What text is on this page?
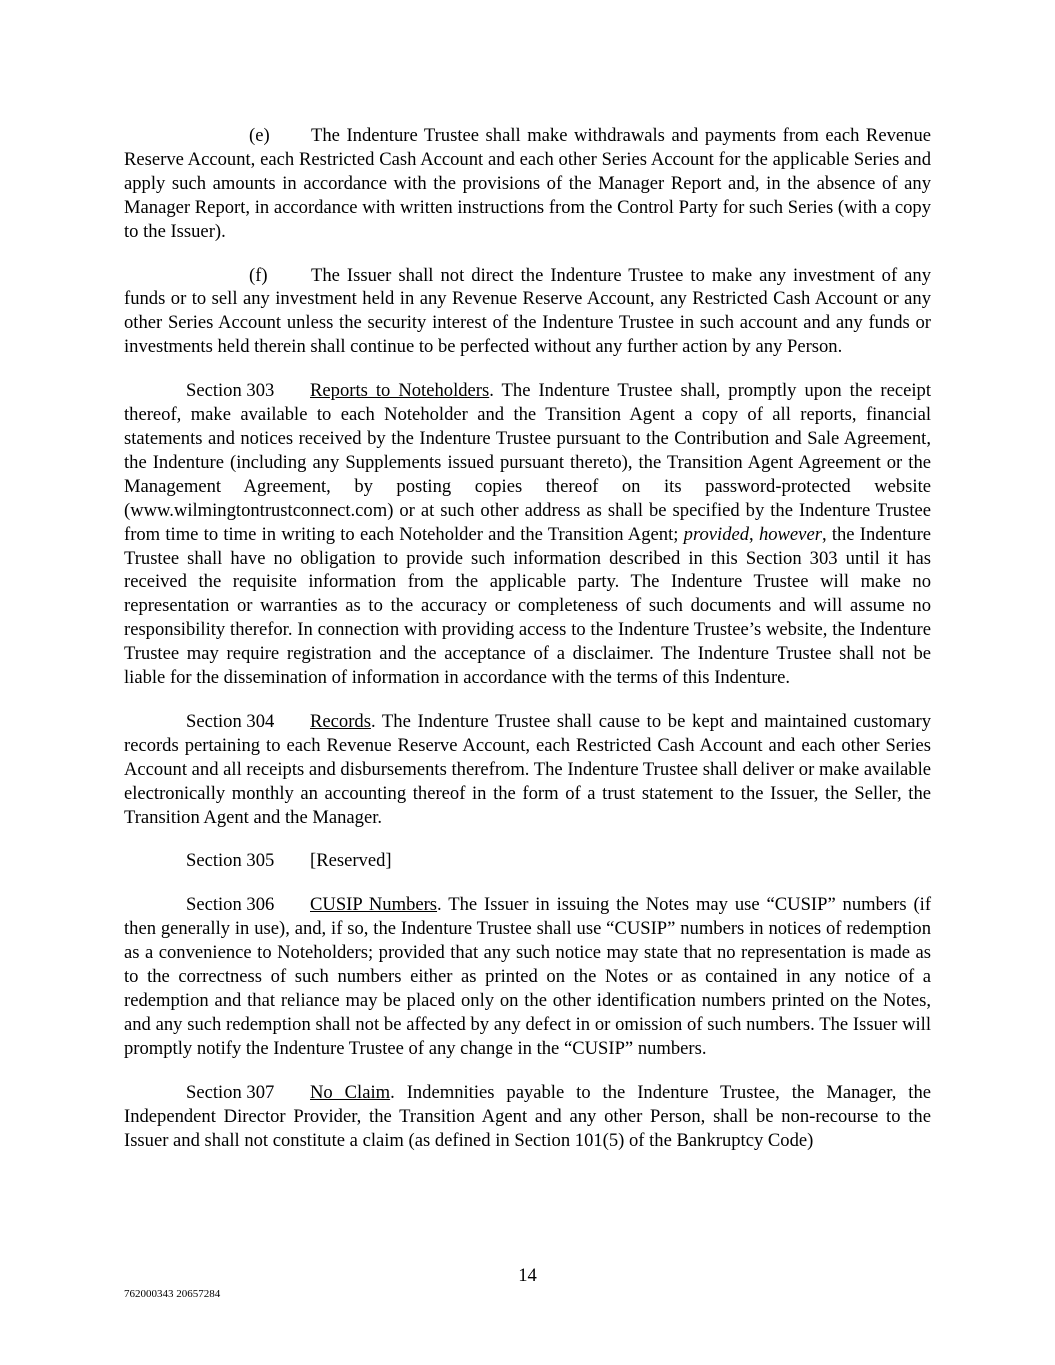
(e) The Indenture Trustee shall make withdrawals and payments from each Revenue Reserve Account, each Restricted Cash Account and each other Series Account for the applicable Series and apply such amounts in accordance with the provisions of the Manager Report and, in the absence of any Manager Report, in accordance with written instructions from the Control Party for such Series (with a copy to the Issuer).

(f) The Issuer shall not direct the Indenture Trustee to make any investment of any funds or to sell any investment held in any Revenue Reserve Account, any Restricted Cash Account or any other Series Account unless the security interest of the Indenture Trustee in such account and any funds or investments held therein shall continue to be perfected without any further action by any Person.

Section 303 Reports to Noteholders. The Indenture Trustee shall, promptly upon the receipt thereof, make available to each Noteholder and the Transition Agent a copy of all reports, financial statements and notices received by the Indenture Trustee pursuant to the Contribution and Sale Agreement, the Indenture (including any Supplements issued pursuant thereto), the Transition Agent Agreement or the Management Agreement, by posting copies thereof on its password-protected website (www.wilmingtontrustconnect.com) or at such other address as shall be specified by the Indenture Trustee from time to time in writing to each Noteholder and the Transition Agent; provided, however, the Indenture Trustee shall have no obligation to provide such information described in this Section 303 until it has received the requisite information from the applicable party. The Indenture Trustee will make no representation or warranties as to the accuracy or completeness of such documents and will assume no responsibility therefor. In connection with providing access to the Indenture Trustee’s website, the Indenture Trustee may require registration and the acceptance of a disclaimer. The Indenture Trustee shall not be liable for the dissemination of information in accordance with the terms of this Indenture.

Section 304 Records. The Indenture Trustee shall cause to be kept and maintained customary records pertaining to each Revenue Reserve Account, each Restricted Cash Account and each other Series Account and all receipts and disbursements therefrom. The Indenture Trustee shall deliver or make available electronically monthly an accounting thereof in the form of a trust statement to the Issuer, the Seller, the Transition Agent and the Manager.

Section 305 [Reserved]

Section 306 CUSIP Numbers. The Issuer in issuing the Notes may use “CUSIP” numbers (if then generally in use), and, if so, the Indenture Trustee shall use “CUSIP” numbers in notices of redemption as a convenience to Noteholders; provided that any such notice may state that no representation is made as to the correctness of such numbers either as printed on the Notes or as contained in any notice of a redemption and that reliance may be placed only on the other identification numbers printed on the Notes, and any such redemption shall not be affected by any defect in or omission of such numbers. The Issuer will promptly notify the Indenture Trustee of any change in the “CUSIP” numbers.

Section 307 No Claim. Indemnities payable to the Indenture Trustee, the Manager, the Independent Director Provider, the Transition Agent and any other Person, shall be non-recourse to the Issuer and shall not constitute a claim (as defined in Section 101(5) of the Bankruptcy Code)

14
762000343 20657284
